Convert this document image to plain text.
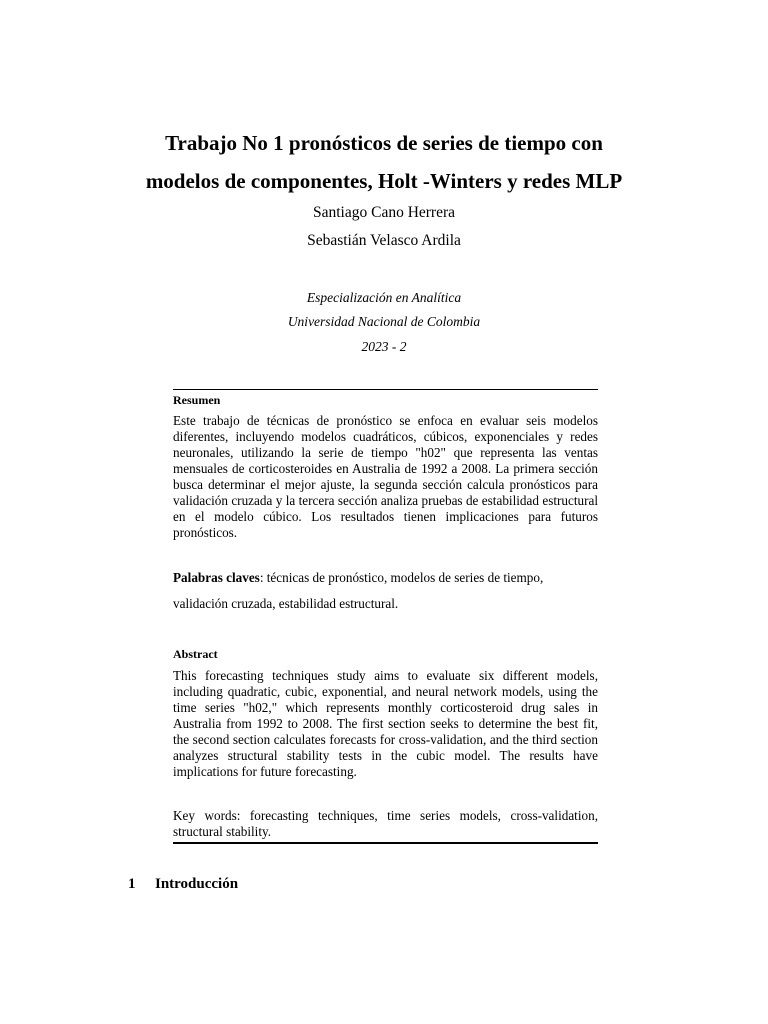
Trabajo No 1 pronósticos de series de tiempo con
modelos de componentes, Holt -Winters y redes MLP
Santiago Cano Herrera
Sebastián Velasco Ardila
Especialización en Analítica
Universidad Nacional de Colombia
2023 - 2
Resumen
Este trabajo de técnicas de pronóstico se enfoca en evaluar seis modelos diferentes, incluyendo modelos cuadráticos, cúbicos, exponenciales y redes neuronales, utilizando la serie de tiempo "h02" que representa las ventas mensuales de corticosteroides en Australia de 1992 a 2008. La primera sección busca determinar el mejor ajuste, la segunda sección calcula pronósticos para validación cruzada y la tercera sección analiza pruebas de estabilidad estructural en el modelo cúbico. Los resultados tienen implicaciones para futuros pronósticos.
Palabras claves: técnicas de pronóstico, modelos de series de tiempo, validación cruzada, estabilidad estructural.
Abstract
This forecasting techniques study aims to evaluate six different models, including quadratic, cubic, exponential, and neural network models, using the time series "h02," which represents monthly corticosteroid drug sales in Australia from 1992 to 2008. The first section seeks to determine the best fit, the second section calculates forecasts for cross-validation, and the third section analyzes structural stability tests in the cubic model. The results have implications for future forecasting.
Key words: forecasting techniques, time series models, cross-validation, structural stability.
1 Introducción
